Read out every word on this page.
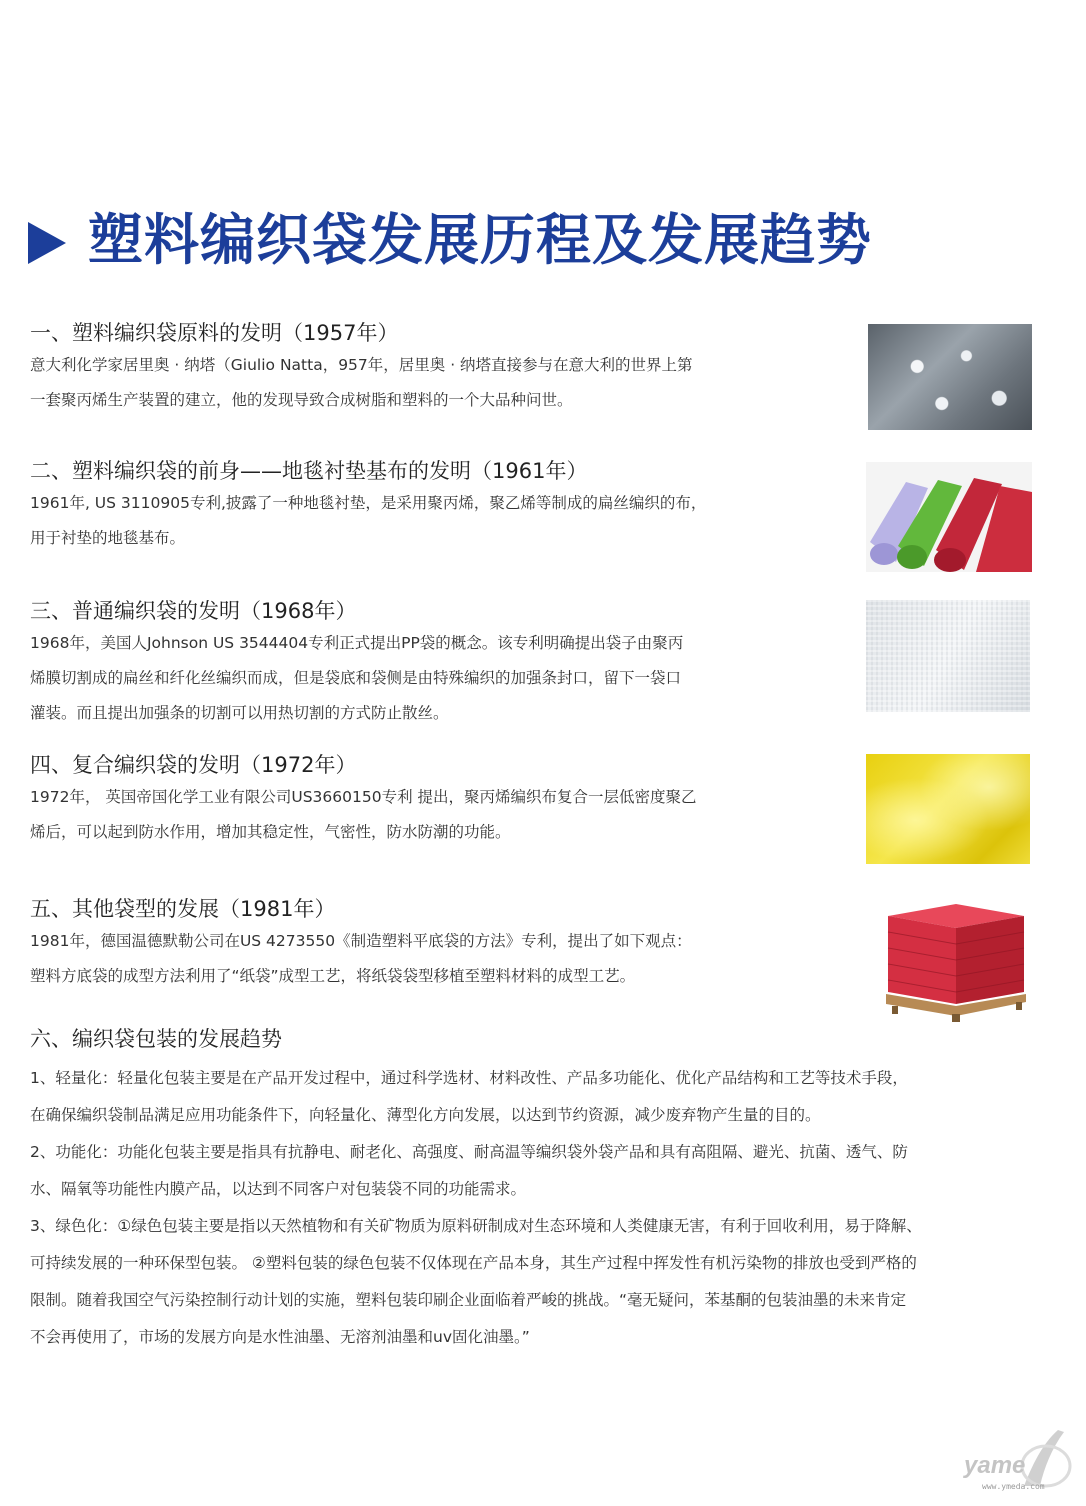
塑料编织袋发展历程及发展趋势

一、塑料编织袋原料的发明（1957年）

意大利化学家居里奥 · 纳塔（Giulio Natta，957年，居里奥 · 纳塔直接参与在意大利的世界上第

一套聚丙烯生产装置的建立，他的发现导致合成树脂和塑料的一个大品种问世。

二、塑料编织袋的前身——地毯衬垫基布的发明（1961年）

1961年, US 3110905专利,披露了一种地毯衬垫，是采用聚丙烯，聚乙烯等制成的扁丝编织的布，

用于衬垫的地毯基布。

三、普通编织袋的发明（1968年）

1968年，美国人Johnson US 3544404专利正式提出PP袋的概念。该专利明确提出袋子由聚丙

烯膜切割成的扁丝和纤化丝编织而成，但是袋底和袋侧是由特殊编织的加强条封口，留下一袋口

灌装。而且提出加强条的切割可以用热切割的方式防止散丝。

四、复合编织袋的发明（1972年）

1972年， 英国帝国化学工业有限公司US3660150专利 提出，聚丙烯编织布复合一层低密度聚乙

烯后，可以起到防水作用，增加其稳定性，气密性，防水防潮的功能。

五、其他袋型的发展（1981年）

1981年，德国温德默勒公司在US 4273550《制造塑料平底袋的方法》专利，提出了如下观点：

塑料方底袋的成型方法利用了“纸袋”成型工艺，将纸袋袋型移植至塑料材料的成型工艺。

六、编织袋包装的发展趋势

1、轻量化：轻量化包装主要是在产品开发过程中，通过科学选材、材料改性、产品多功能化、优化产品结构和工艺等技术手段，

在确保编织袋制品满足应用功能条件下，向轻量化、薄型化方向发展，以达到节约资源，减少废弃物产生量的目的。

2、功能化：功能化包装主要是指具有抗静电、耐老化、高强度、耐高温等编织袋外袋产品和具有高阻隔、避光、抗菌、透气、防

水、隔氧等功能性内膜产品，以达到不同客户对包装袋不同的功能需求。

3、绿色化：①绿色包装主要是指以天然植物和有关矿物质为原料研制成对生态环境和人类健康无害，有利于回收利用，易于降解、

可持续发展的一种环保型包装。 ②塑料包装的绿色包装不仅体现在产品本身，其生产过程中挥发性有机污染物的排放也受到严格的

限制。随着我国空气污染控制行动计划的实施，塑料包装印刷企业面临着严峻的挑战。“毫无疑问，苯基酮的包装油墨的未来肯定

不会再使用了，市场的发展方向是水性油墨、无溶剂油墨和uv固化油墨。”

yame
www.ymeda.com
